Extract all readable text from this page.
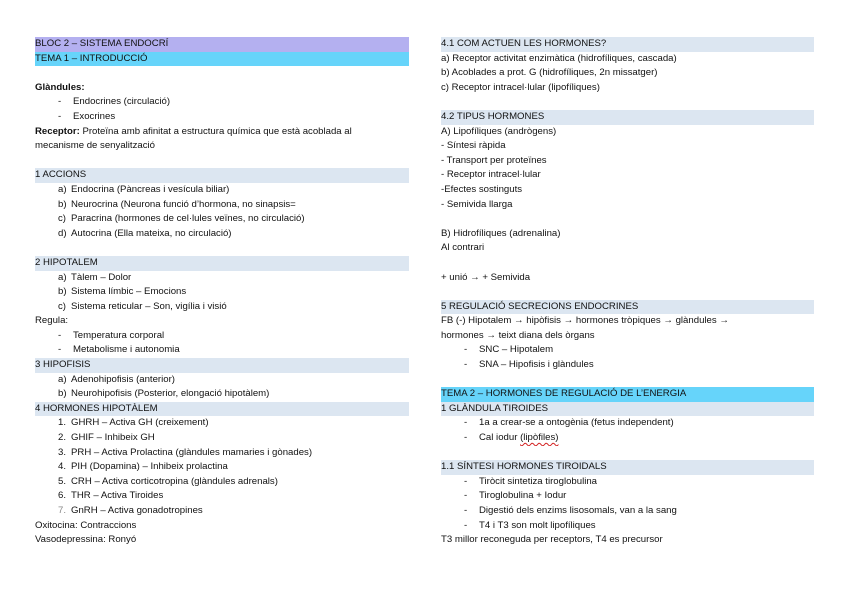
BLOC 2 – SISTEMA ENDOCRÍ
TEMA 1 – INTRODUCCIÓ
Glàndules:
- Endocrines (circulació)
- Exocrines
Receptor: Proteïna amb afinitat a estructura química que està acoblada al
mecanisme de senyalització
1 ACCIONS
a) Endocrina (Pàncreas i vesícula biliar)
b) Neurocrina (Neurona funció d’hormona, no sinapsis=
c) Paracrina (hormones de cel·lules veïnes, no circulació)
d) Autocrina (Ella mateixa, no circulació)
2 HIPOTALEM
a) Tàlem – Dolor
b) Sistema límbic – Emocions
c) Sistema reticular – Son, vigília i visió
Regula:
- Temperatura corporal
- Metabolisme i autonomia
3 HIPOFISIS
a) Adenohipofisis (anterior)
b) Neurohipofisis (Posterior, elongació hipotàlem)
4 HORMONES HIPOTÀLEM
1. GHRH – Activa GH (creixement)
2. GHIF – Inhibeix GH
3. PRH – Activa Prolactina (glàndules mamaries i gònades)
4. PIH (Dopamina) – Inhibeix prolactina
5. CRH – Activa corticotropina (glàndules adrenals)
6. THR – Activa Tiroides
7. GnRH – Activa gonadotropines
Oxitocina: Contraccions
Vasodepressina: Ronyó
4.1 COM ACTUEN LES HORMONES?
a) Receptor activitat enzimàtica (hidrofíliques, cascada)
b) Acoblades a prot. G (hidrofíliques, 2n missatger)
c) Receptor intracel·lular (lipofíliques)
4.2 TIPUS HORMONES
A) Lipofíliques (andrògens)
- Síntesi ràpida
- Transport per proteïnes
- Receptor intracel·lular
-Efectes sostinguts
- Semivida llarga
B) Hidrofíliques (adrenalina)
Al contrari
+ unió → + Semivida
5 REGULACIÓ SECRECIONS ENDOCRINES
FB (-) Hipotalem → hipòfisis → hormones tròpiques → glàndules →
hormones → teixt diana dels òrgans
- SNC – Hipotalem
- SNA – Hipofisis i glàndules
TEMA 2 – HORMONES DE REGULACIÓ DE L’ENERGIA
1 GLÀNDULA TIROIDES
- 1a a crear-se a ontogènia (fetus independent)
- Cal iodur (lipòfiles)
1.1 SÍNTESI HORMONES TIROIDALS
- Tiròcit sintetiza tiroglobulina
- Tiroglobulina + Iodur
- Digestió dels enzims lisosomals, van a la sang
- T4 i T3 son molt lipofíliques
T3 millor reconeguda per receptors, T4 es precursor
